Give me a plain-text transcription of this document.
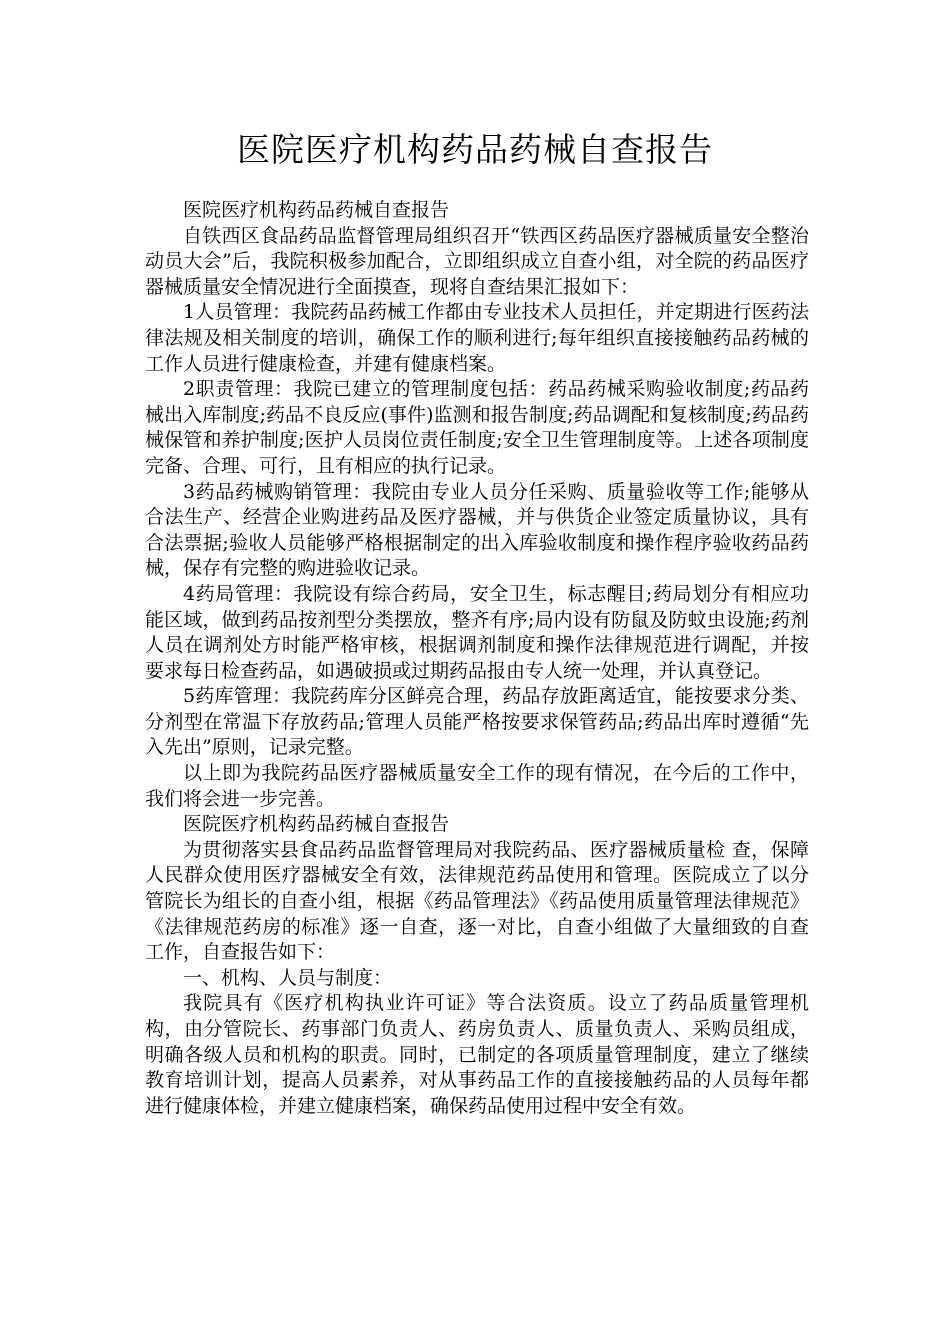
医院医疗机构药品药械自查报告

医院医疗机构药品药械自查报告

自铁西区食品药品监督管理局组织召开“铁西区药品医疗器械质量安全整治动员大会”后，我院积极参加配合，立即组织成立自查小组，对全院的药品医疗器械质量安全情况进行全面摸查，现将自查结果汇报如下：

1人员管理：我院药品药械工作都由专业技术人员担任，并定期进行医药法律法规及相关制度的培训，确保工作的顺利进行;每年组织直接接触药品药械的工作人员进行健康检查，并建有健康档案。

2职责管理：我院已建立的管理制度包括：药品药械采购验收制度;药品药械出入库制度;药品不良反应(事件)监测和报告制度;药品调配和复核制度;药品药械保管和养护制度;医护人员岗位责任制度;安全卫生管理制度等。上述各项制度完备、合理、可行，且有相应的执行记录。

3药品药械购销管理：我院由专业人员分任采购、质量验收等工作;能够从合法生产、经营企业购进药品及医疗器械，并与供货企业签定质量协议，具有合法票据;验收人员能够严格根据制定的出入库验收制度和操作程序验收药品药械，保存有完整的购进验收记录。

4药局管理：我院设有综合药局，安全卫生，标志醒目;药局划分有相应功能区域，做到药品按剂型分类摆放，整齐有序;局内设有防鼠及防蚊虫设施;药剂人员在调剂处方时能严格审核，根据调剂制度和操作法律规范进行调配，并按要求每日检查药品，如遇破损或过期药品报由专人统一处理，并认真登记。

5药库管理：我院药库分区鲜亮合理，药品存放距离适宜，能按要求分类、分剂型在常温下存放药品;管理人员能严格按要求保管药品;药品出库时遵循“先入先出”原则，记录完整。

以上即为我院药品医疗器械质量安全工作的现有情况，在今后的工作中，我们将会进一步完善。

医院医疗机构药品药械自查报告

为贯彻落实县食品药品监督管理局对我院药品、医疗器械质量检 查，保障人民群众使用医疗器械安全有效，法律规范药品使用和管理。医院成立了以分管院长为组长的自查小组，根据《药品管理法》《药品使用质量管理法律规范》《法律规范药房的标准》逐一自查，逐一对比，自查小组做了大量细致的自查工作，自查报告如下：

一、机构、人员与制度：

我院具有《医疗机构执业许可证》等合法资质。设立了药品质量管理机构，由分管院长、药事部门负责人、药房负责人、质量负责人、采购员组成，明确各级人员和机构的职责。同时，已制定的各项质量管理制度，建立了继续教育培训计划，提高人员素养，对从事药品工作的直接接触药品的人员每年都进行健康体检，并建立健康档案，确保药品使用过程中安全有效。
